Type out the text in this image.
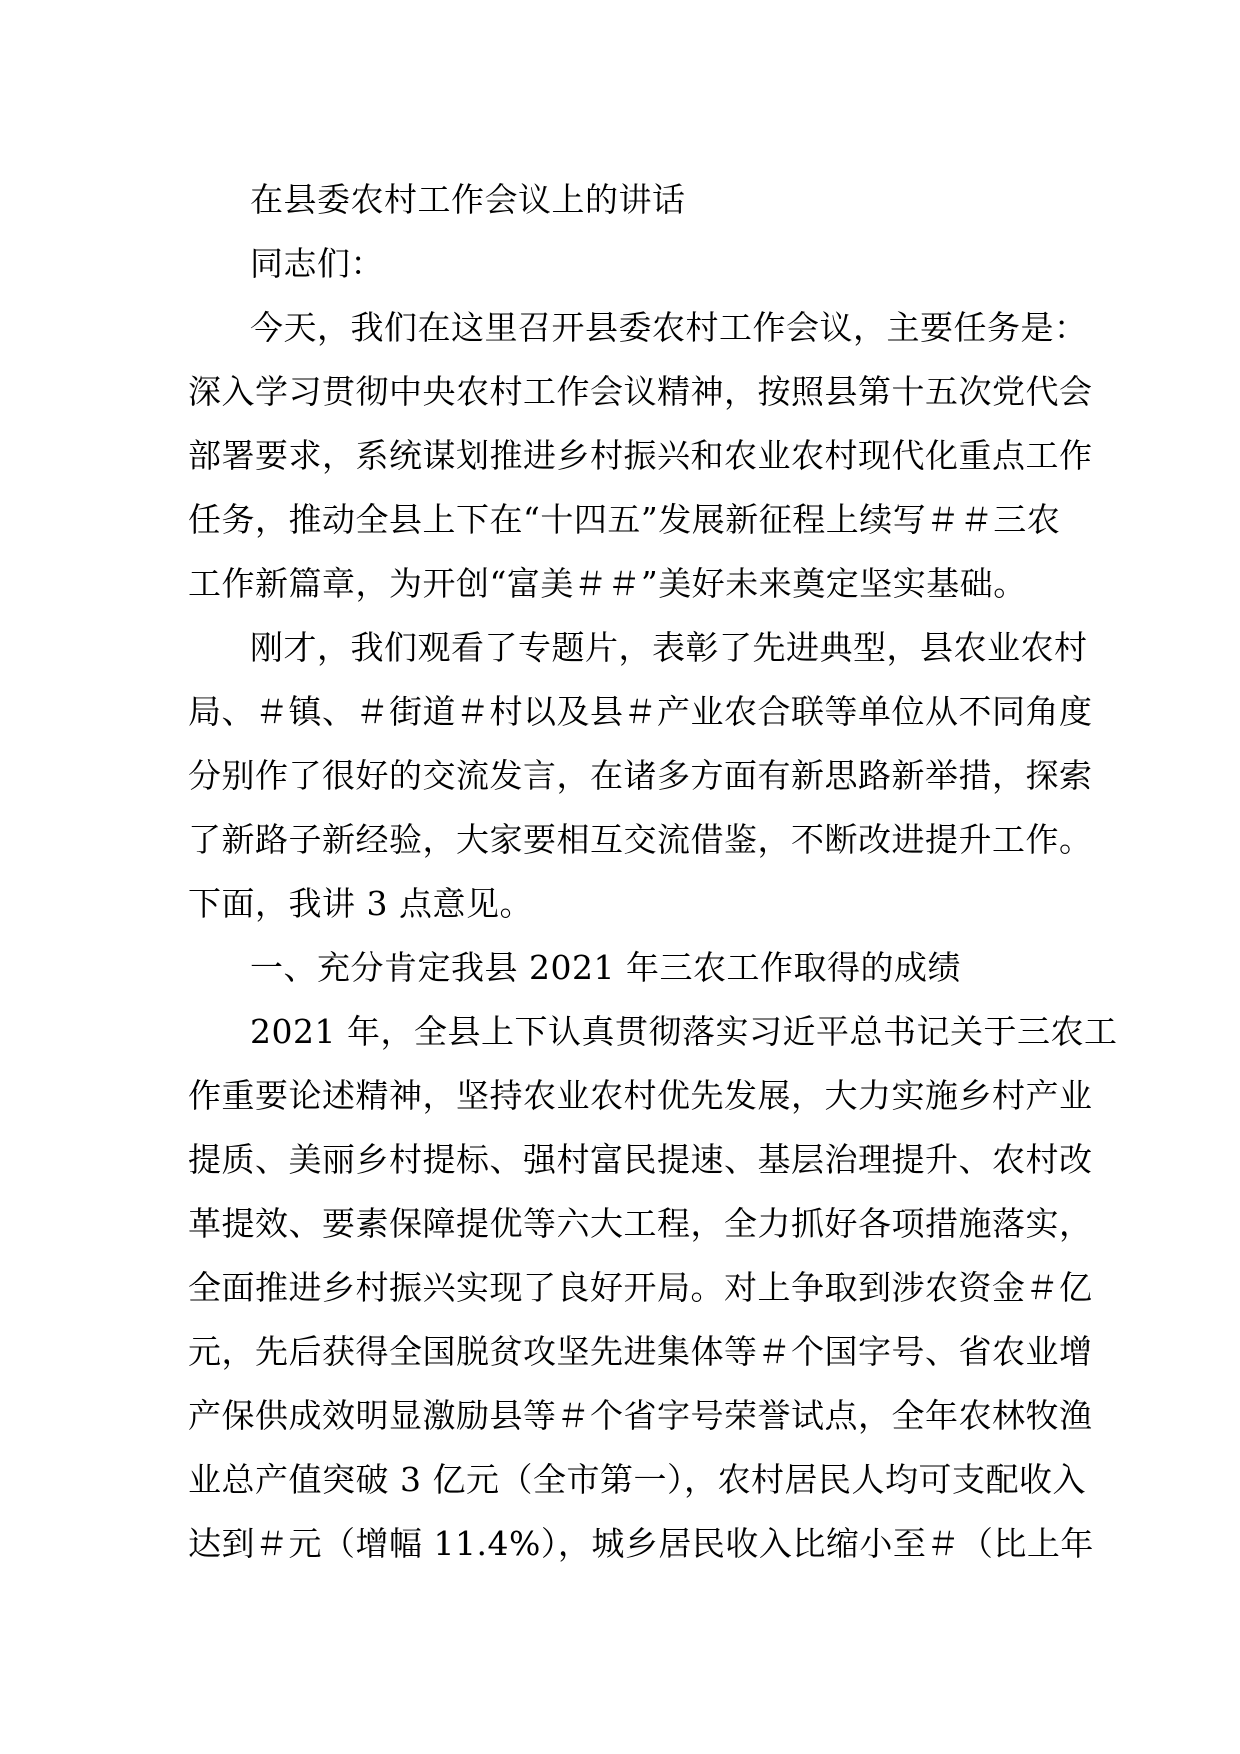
在县委农村工作会议上的讲话
同志们：
今天，我们在这里召开县委农村工作会议，主要任务是：
深入学习贯彻中央农村工作会议精神，按照县第十五次党代会
部署要求，系统谋划推进乡村振兴和农业农村现代化重点工作
任务，推动全县上下在“十四五”发展新征程上续写＃＃三农
工作新篇章，为开创“富美＃＃”美好未来奠定坚实基础。
刚才，我们观看了专题片，表彰了先进典型，县农业农村
局、＃镇、＃街道＃村以及县＃产业农合联等单位从不同角度
分别作了很好的交流发言，在诸多方面有新思路新举措，探索
了新路子新经验，大家要相互交流借鉴，不断改进提升工作。
下面，我讲 3 点意见。
一、充分肯定我县 2021 年三农工作取得的成绩
2021 年，全县上下认真贯彻落实习近平总书记关于三农工
作重要论述精神，坚持农业农村优先发展，大力实施乡村产业
提质、美丽乡村提标、强村富民提速、基层治理提升、农村改
革提效、要素保障提优等六大工程，全力抓好各项措施落实，
全面推进乡村振兴实现了良好开局。对上争取到涉农资金＃亿
元，先后获得全国脱贫攻坚先进集体等＃个国字号、省农业增
产保供成效明显激励县等＃个省字号荣誉试点，全年农林牧渔
业总产值突破 3 亿元（全市第一），农村居民人均可支配收入
达到＃元（增幅 11.4%），城乡居民收入比缩小至＃（比上年
